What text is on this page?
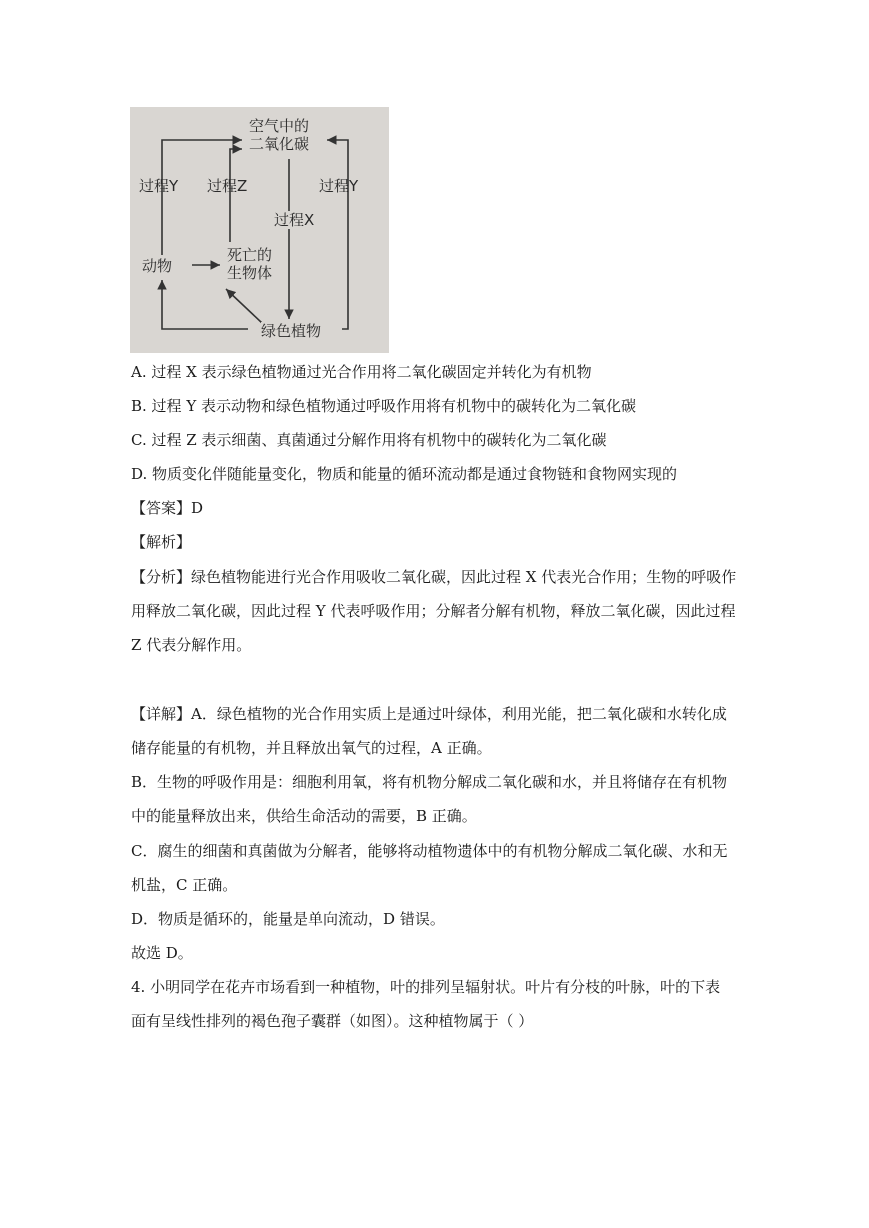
空气中的
二氧化碳
过程Y 过程Z	过程Y
过程X
动物
死亡的
生物体
绿色植物
A. 过程 X 表示绿色植物通过光合作用将二氧化碳固定并转化为有机物
B. 过程 Y 表示动物和绿色植物通过呼吸作用将有机物中的碳转化为二氧化碳
C. 过程 Z 表示细菌、真菌通过分解作用将有机物中的碳转化为二氧化碳
D. 物质变化伴随能量变化，物质和能量的循环流动都是通过食物链和食物网实现的
【答案】D
【解析】
【分析】绿色植物能进行光合作用吸收二氧化碳，因此过程 X 代表光合作用；生物的呼吸作
用释放二氧化碳，因此过程 Y 代表呼吸作用；分解者分解有机物，释放二氧化碳，因此过程
Z 代表分解作用。
【详解】A．绿色植物的光合作用实质上是通过叶绿体，利用光能，把二氧化碳和水转化成
储存能量的有机物，并且释放出氧气的过程，A 正确。
B．生物的呼吸作用是：细胞利用氧，将有机物分解成二氧化碳和水，并且将储存在有机物
中的能量释放出来，供给生命活动的需要，B 正确。
C．腐生的细菌和真菌做为分解者，能够将动植物遗体中的有机物分解成二氧化碳、水和无
机盐，C 正确。
D．物质是循环的，能量是单向流动，D 错误。
故选 D。
4. 小明同学在花卉市场看到一种植物，叶的排列呈辐射状。叶片有分枝的叶脉，叶的下表
面有呈线性排列的褐色孢子囊群（如图）。这种植物属于（ ）
